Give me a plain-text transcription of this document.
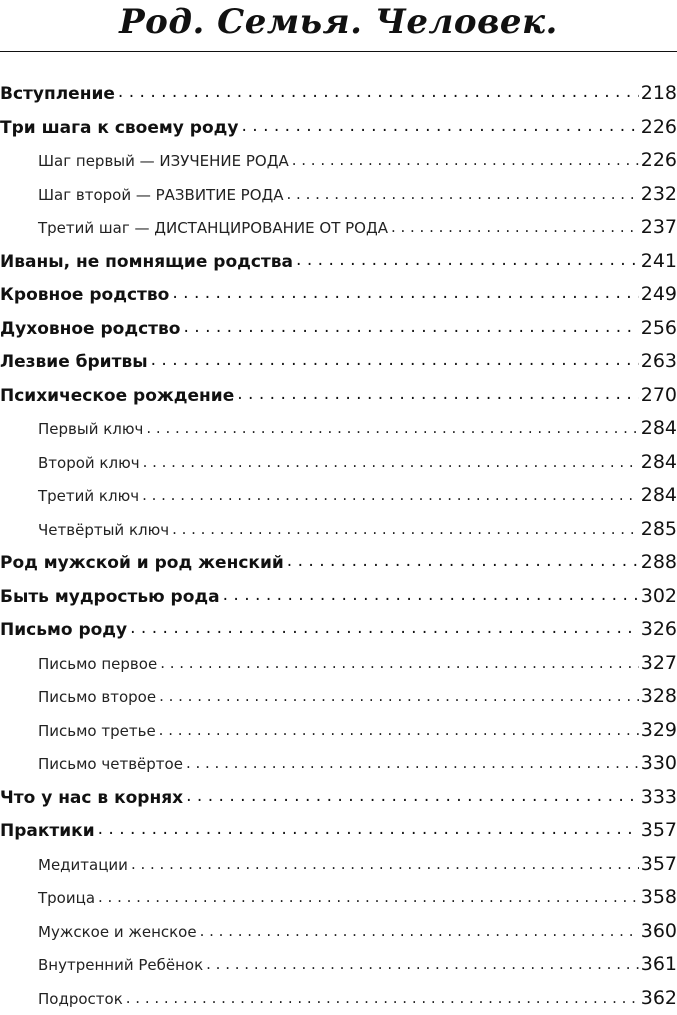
Род. Семья. Человек.
Вступление . . .	218
Три шага к своему роду . . .	226
Шаг первый — ИЗУЧЕНИЕ РОДА . . .	226
Шаг второй — РАЗВИТИЕ РОДА . . .	232
Третий шаг — ДИСТАНЦИРОВАНИЕ ОТ РОДА . . .	237
Иваны, не помнящие родства . . .	241
Кровное родство . . .	249
Духовное родство . . .	256
Лезвие бритвы . . .	263
Психическое рождение . . .	270
Первый ключ . . .	284
Второй ключ . . .	284
Третий ключ . . .	284
Четвёртый ключ . . .	285
Род мужской и род женский . . .	288
Быть мудростью рода . . .	302
Письмо роду . . .	326
Письмо первое . . .	327
Письмо второе . . .	328
Письмо третье . . .	329
Письмо четвёртое . . .	330
Что у нас в корнях . . .	333
Практики . . .	357
Медитации . . .	357
Троица . . .	358
Мужское и женское . . .	360
Внутренний Ребёнок . . .	361
Подросток . . .	362
